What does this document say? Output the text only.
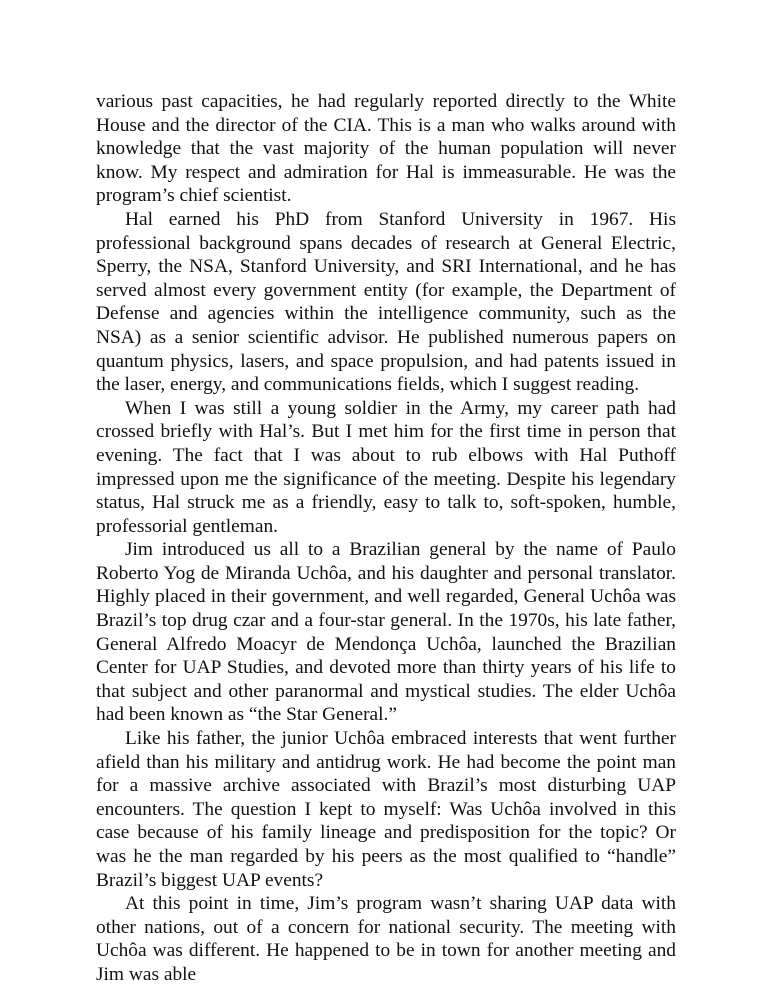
various past capacities, he had regularly reported directly to the White House and the director of the CIA. This is a man who walks around with knowledge that the vast majority of the human population will never know. My respect and admiration for Hal is immeasurable. He was the program’s chief scientist.

Hal earned his PhD from Stanford University in 1967. His professional background spans decades of research at General Electric, Sperry, the NSA, Stanford University, and SRI International, and he has served almost every government entity (for example, the Department of Defense and agencies within the intelligence community, such as the NSA) as a senior scientific advisor. He published numerous papers on quantum physics, lasers, and space propulsion, and had patents issued in the laser, energy, and communications fields, which I suggest reading.

When I was still a young soldier in the Army, my career path had crossed briefly with Hal’s. But I met him for the first time in person that evening. The fact that I was about to rub elbows with Hal Puthoff impressed upon me the significance of the meeting. Despite his legendary status, Hal struck me as a friendly, easy to talk to, soft-spoken, humble, professorial gentleman.

Jim introduced us all to a Brazilian general by the name of Paulo Roberto Yog de Miranda Uchôa, and his daughter and personal translator. Highly placed in their government, and well regarded, General Uchôa was Brazil’s top drug czar and a four-star general. In the 1970s, his late father, General Alfredo Moacyr de Mendonça Uchôa, launched the Brazilian Center for UAP Studies, and devoted more than thirty years of his life to that subject and other paranormal and mystical studies. The elder Uchôa had been known as “the Star General.”

Like his father, the junior Uchôa embraced interests that went further afield than his military and antidrug work. He had become the point man for a massive archive associated with Brazil’s most disturbing UAP encounters. The question I kept to myself: Was Uchôa involved in this case because of his family lineage and predisposition for the topic? Or was he the man regarded by his peers as the most qualified to “handle” Brazil’s biggest UAP events?

At this point in time, Jim’s program wasn’t sharing UAP data with other nations, out of a concern for national security. The meeting with Uchôa was different. He happened to be in town for another meeting and Jim was able
